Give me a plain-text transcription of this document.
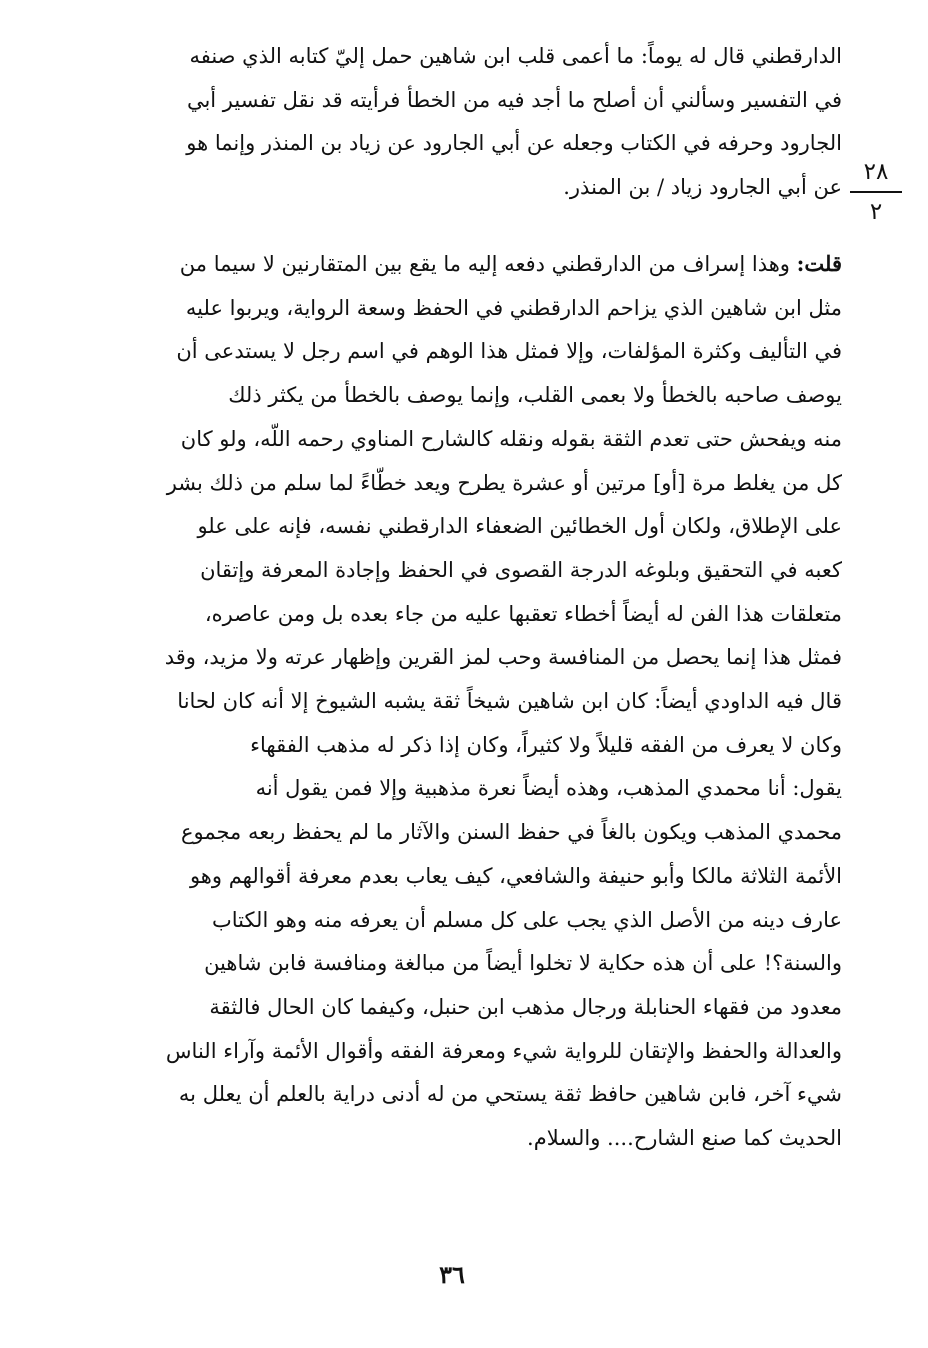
٢٨
٢
الدارقطني قال له يوماً: ما أعمى قلب ابن شاهين حمل إليّ كتابه الذي صنفه
في التفسير وسألني أن أصلح ما أجد فيه من الخطأ فرأيته قد نقل تفسير أبي
الجارود وحرفه في الكتاب وجعله عن أبي الجارود عن زياد بن المنذر وإنما هو
عن أبي الجارود زياد / بن المنذر.
قلت: وهذا إسراف من الدارقطني دفعه إليه ما يقع بين المتقارنين لا سيما من
مثل ابن شاهين الذي يزاحم الدارقطني في الحفظ وسعة الرواية، ويربوا عليه
في التأليف وكثرة المؤلفات، وإلا فمثل هذا الوهم في اسم رجل لا يستدعى أن
يوصف صاحبه بالخطأ ولا بعمى القلب، وإنما يوصف بالخطأ من يكثر ذلك
منه ويفحش حتى تعدم الثقة بقوله ونقله كالشارح المناوي رحمه اللّه، ولو كان
كل من يغلط مرة [أو] مرتين أو عشرة يطرح ويعد خطّاءً لما سلم من ذلك بشر
على الإطلاق، ولكان أول الخطائين الضعفاء الدارقطني نفسه، فإنه على علو
كعبه في التحقيق وبلوغه الدرجة القصوى في الحفظ وإجادة المعرفة وإتقان
متعلقات هذا الفن له أيضاً أخطاء تعقبها عليه من جاء بعده بل ومن عاصره،
فمثل هذا إنما يحصل من المنافسة وحب لمز القرين وإظهار عرته ولا مزيد، وقد
قال فيه الداودي أيضاً: كان ابن شاهين شيخاً ثقة يشبه الشيوخ إلا أنه كان لحانا
وكان لا يعرف من الفقه قليلاً ولا كثيراً، وكان إذا ذكر له مذهب الفقهاء
يقول: أنا محمدي المذهب، وهذه أيضاً نعرة مذهبية وإلا فمن يقول أنه
محمدي المذهب ويكون بالغاً في حفظ السنن والآثار ما لم يحفظ ربعه مجموع
الأئمة الثلاثة مالكا وأبو حنيفة والشافعي، كيف يعاب بعدم معرفة أقوالهم وهو
عارف دينه من الأصل الذي يجب على كل مسلم أن يعرفه منه وهو الكتاب
والسنة؟! على أن هذه حكاية لا تخلوا أيضاً من مبالغة ومنافسة فابن شاهين
معدود من فقهاء الحنابلة ورجال مذهب ابن حنبل، وكيفما كان الحال فالثقة
والعدالة والحفظ والإتقان للرواية شيء ومعرفة الفقه وأقوال الأئمة وآراء الناس
شيء آخر، فابن شاهين حافظ ثقة يستحي من له أدنى دراية بالعلم أن يعلل به
الحديث كما صنع الشارح.... والسلام.
٣٦
